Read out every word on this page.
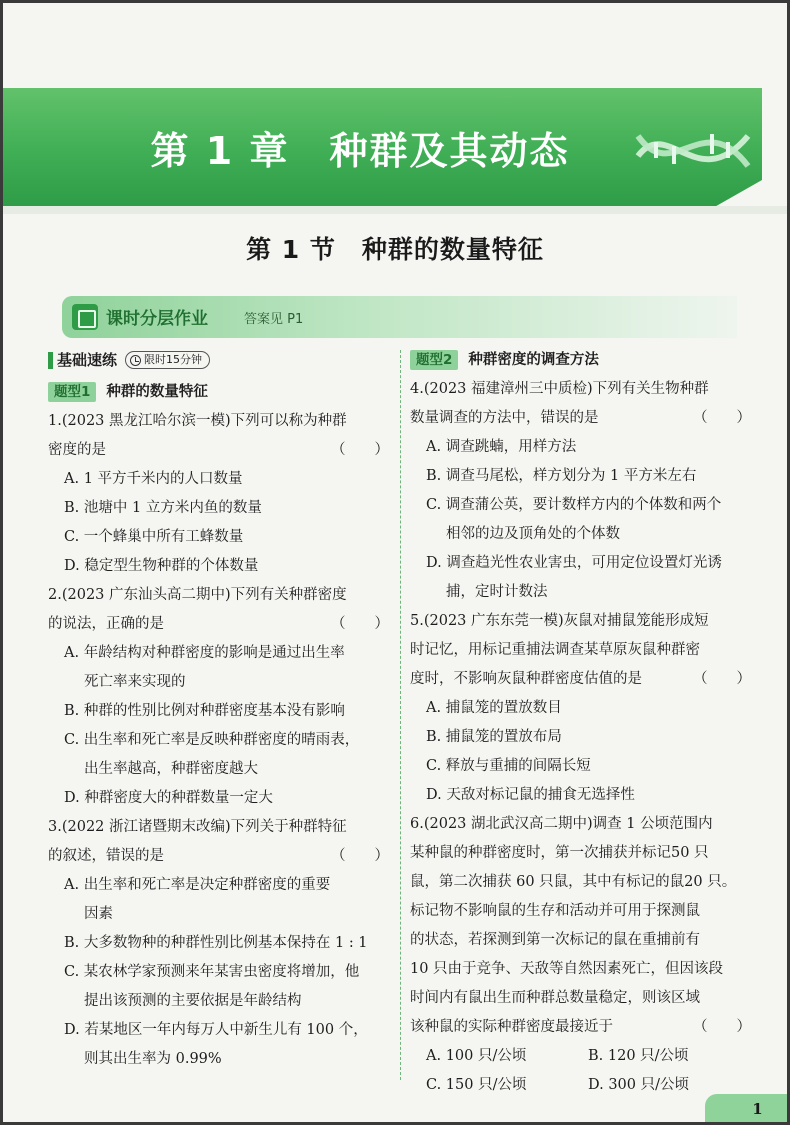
第 1 章　种群及其动态
第 1 节　种群的数量特征
课时分层作业	答案见 P1
基础速练 限时15分钟
题型1	种群的数量特征
1.(2023 黑龙江哈尔滨一模)下列可以称为种群
密度的是	（　　）
A. 1 平方千米内的人口数量
B. 池塘中 1 立方米内鱼的数量
C. 一个蜂巢中所有工蜂数量
D. 稳定型生物种群的个体数量
2.(2023 广东汕头高二期中)下列有关种群密度
的说法，正确的是	（　　）
A. 年龄结构对种群密度的影响是通过出生率
死亡率来实现的
B. 种群的性别比例对种群密度基本没有影响
C. 出生率和死亡率是反映种群密度的晴雨表，
出生率越高，种群密度越大
D. 种群密度大的种群数量一定大
3.(2022 浙江诸暨期末改编)下列关于种群特征
的叙述，错误的是	（　　）
A. 出生率和死亡率是决定种群密度的重要
因素
B. 大多数物种的种群性别比例基本保持在 1 : 1
C. 某农林学家预测来年某害虫密度将增加，他
提出该预测的主要依据是年龄结构
D. 若某地区一年内每万人中新生儿有 100 个，
则其出生率为 0.99%
题型2	种群密度的调查方法
4.(2023 福建漳州三中质检)下列有关生物种群
数量调查的方法中，错误的是	（　　）
A. 调查跳蝻，用样方法
B. 调查马尾松，样方划分为 1 平方米左右
C. 调查蒲公英，要计数样方内的个体数和两个
相邻的边及顶角处的个体数
D. 调查趋光性农业害虫，可用定位设置灯光诱
捕，定时计数法
5.(2023 广东东莞一模)灰鼠对捕鼠笼能形成短
时记忆，用标记重捕法调查某草原灰鼠种群密
度时，不影响灰鼠种群密度估值的是	（　　）
A. 捕鼠笼的置放数目
B. 捕鼠笼的置放布局
C. 释放与重捕的间隔长短
D. 天敌对标记鼠的捕食无选择性
6.(2023 湖北武汉高二期中)调查 1 公顷范围内
某种鼠的种群密度时，第一次捕获并标记50 只
鼠，第二次捕获 60 只鼠，其中有标记的鼠20 只。
标记物不影响鼠的生存和活动并可用于探测鼠
的状态，若探测到第一次标记的鼠在重捕前有
10 只由于竞争、天敌等自然因素死亡，但因该段
时间内有鼠出生而种群总数量稳定，则该区域
该种鼠的实际种群密度最接近于	（　　）
A. 100 只/公顷	B. 120 只/公顷
C. 150 只/公顷	D. 300 只/公顷
1
